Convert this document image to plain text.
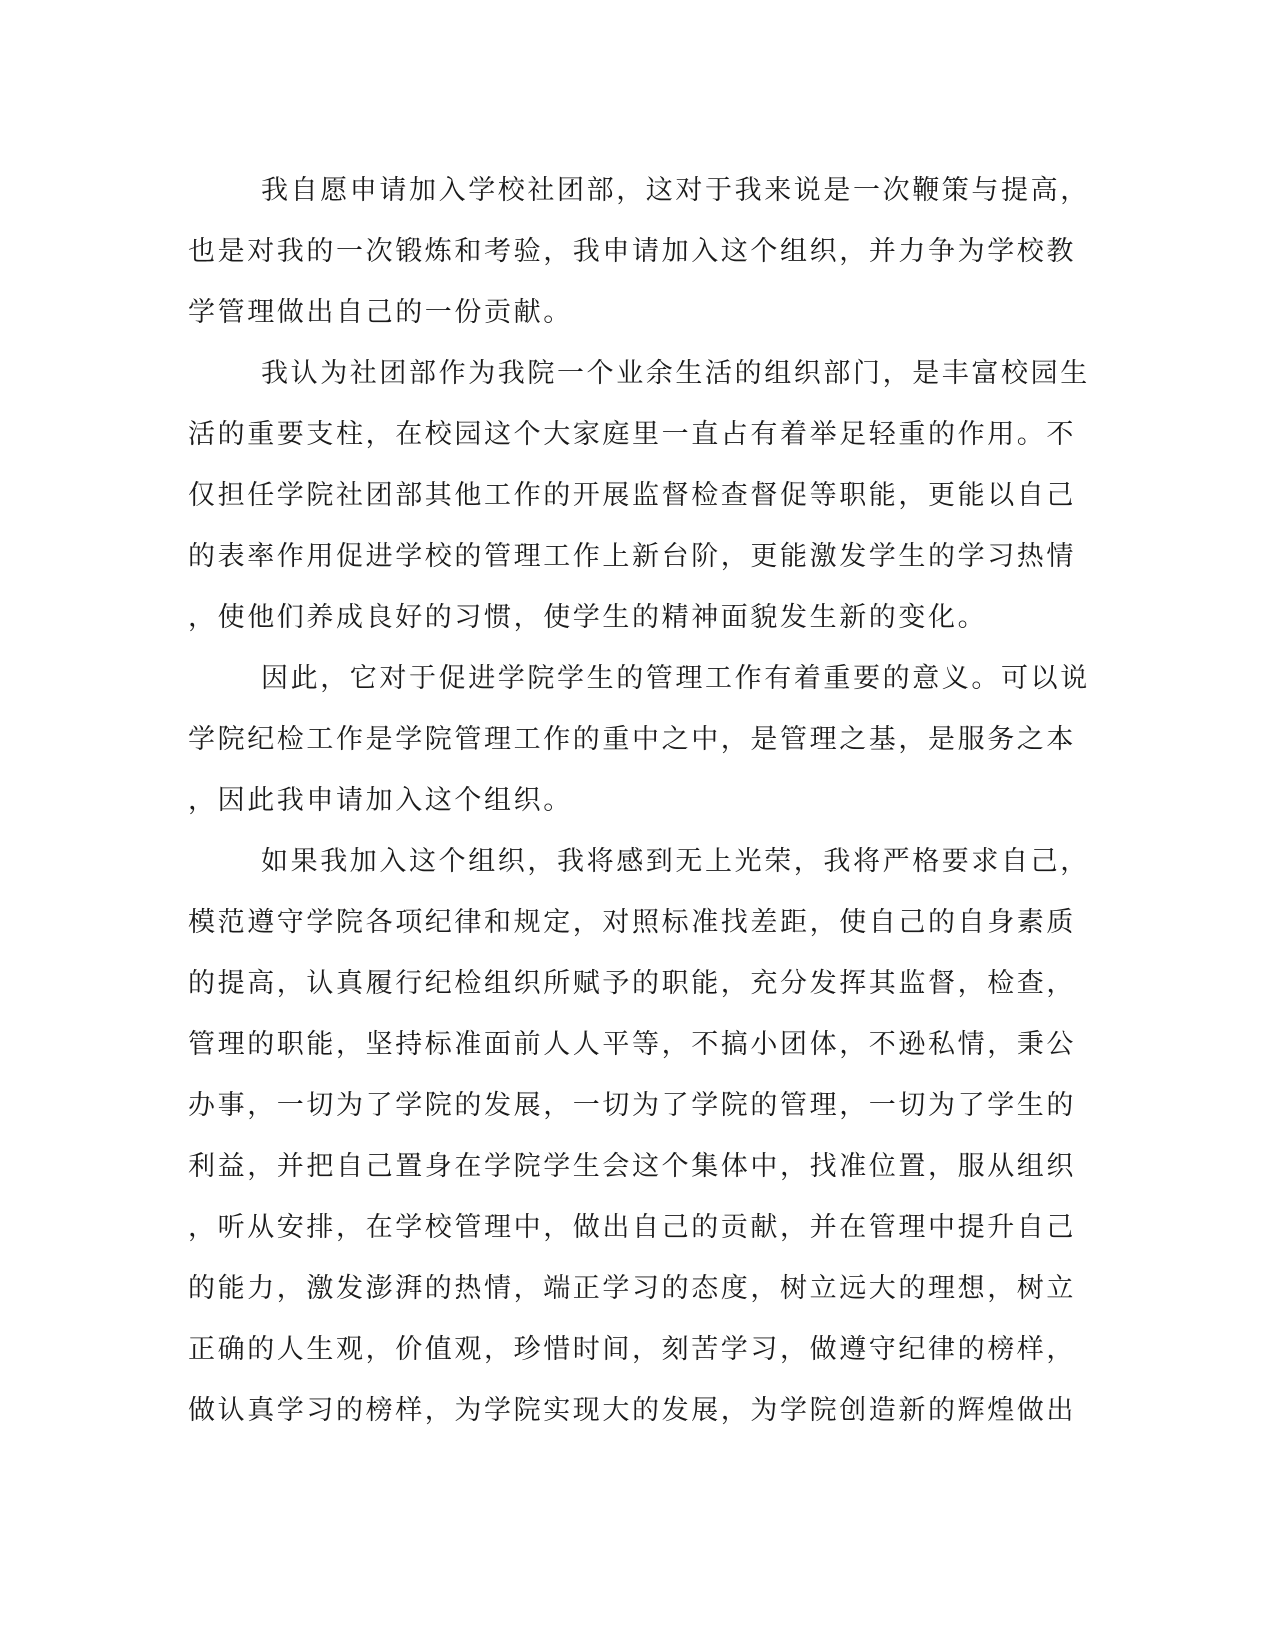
我自愿申请加入学校社团部，这对于我来说是一次鞭策与提高，
也是对我的一次锻炼和考验，我申请加入这个组织，并力争为学校教
学管理做出自己的一份贡献。
我认为社团部作为我院一个业余生活的组织部门，是丰富校园生
活的重要支柱，在校园这个大家庭里一直占有着举足轻重的作用。不
仅担任学院社团部其他工作的开展监督检查督促等职能，更能以自己
的表率作用促进学校的管理工作上新台阶，更能激发学生的学习热情
，使他们养成良好的习惯，使学生的精神面貌发生新的变化。
因此，它对于促进学院学生的管理工作有着重要的意义。可以说
学院纪检工作是学院管理工作的重中之中，是管理之基，是服务之本
，因此我申请加入这个组织。
如果我加入这个组织，我将感到无上光荣，我将严格要求自己，
模范遵守学院各项纪律和规定，对照标准找差距，使自己的自身素质
的提高，认真履行纪检组织所赋予的职能，充分发挥其监督，检查，
管理的职能，坚持标准面前人人平等，不搞小团体，不逊私情，秉公
办事，一切为了学院的发展，一切为了学院的管理，一切为了学生的
利益，并把自己置身在学院学生会这个集体中，找准位置，服从组织
，听从安排，在学校管理中，做出自己的贡献，并在管理中提升自己
的能力，激发澎湃的热情，端正学习的态度，树立远大的理想，树立
正确的人生观，价值观，珍惜时间，刻苦学习，做遵守纪律的榜样，
做认真学习的榜样，为学院实现大的发展，为学院创造新的辉煌做出
